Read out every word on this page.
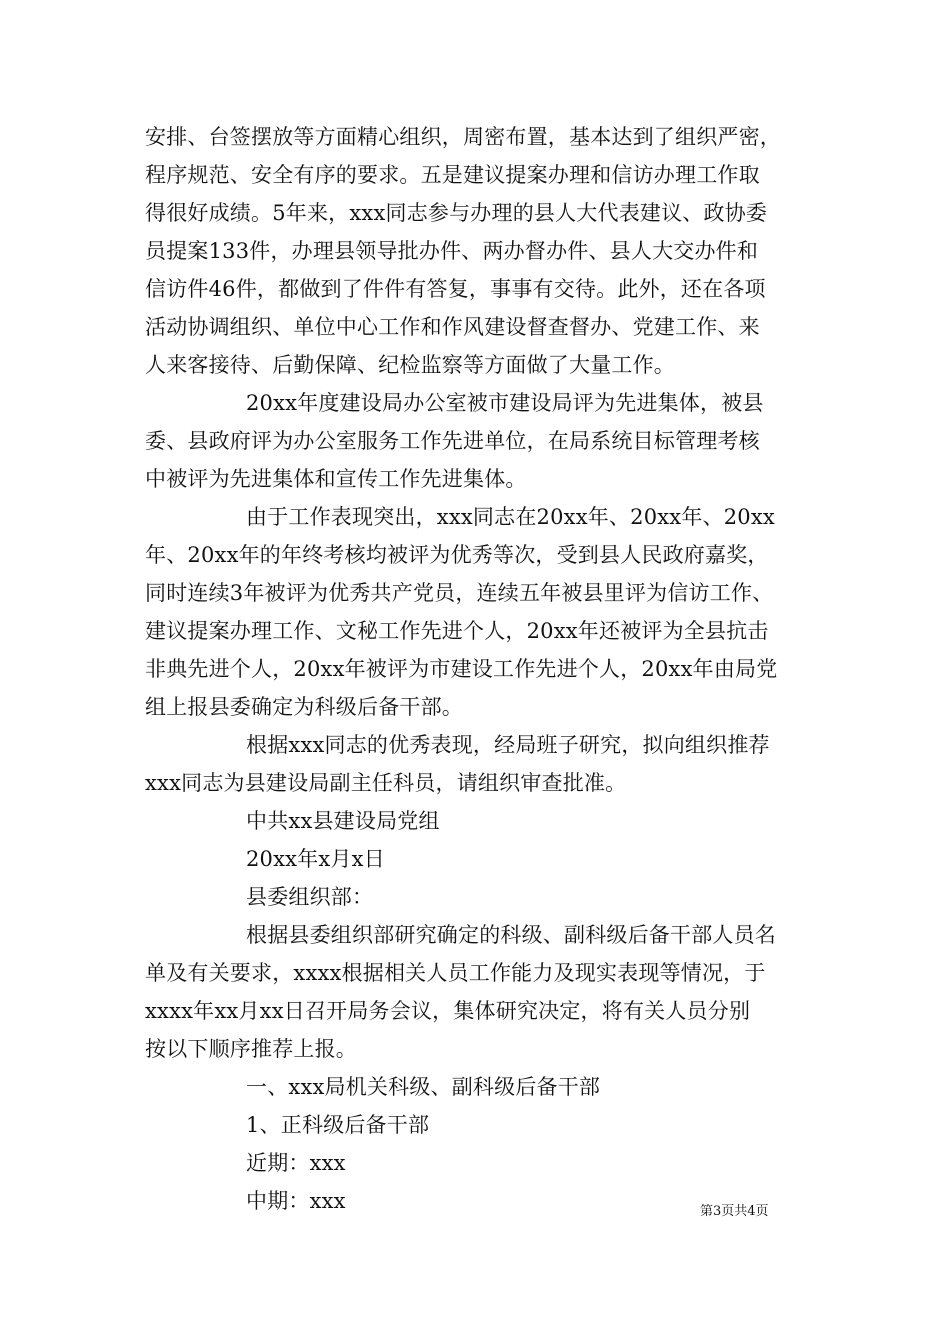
安排、台签摆放等方面精心组织，周密布置，基本达到了组织严密，
程序规范、安全有序的要求。五是建议提案办理和信访办理工作取
得很好成绩。5年来，xxx同志参与办理的县人大代表建议、政协委
员提案133件，办理县领导批办件、两办督办件、县人大交办件和
信访件46件，都做到了件件有答复，事事有交待。此外，还在各项
活动协调组织、单位中心工作和作风建设督查督办、党建工作、来
人来客接待、后勤保障、纪检监察等方面做了大量工作。
20xx年度建设局办公室被市建设局评为先进集体，被县
委、县政府评为办公室服务工作先进单位，在局系统目标管理考核
中被评为先进集体和宣传工作先进集体。
由于工作表现突出，xxx同志在20xx年、20xx年、20xx
年、20xx年的年终考核均被评为优秀等次，受到县人民政府嘉奖，
同时连续3年被评为优秀共产党员，连续五年被县里评为信访工作、
建议提案办理工作、文秘工作先进个人，20xx年还被评为全县抗击
非典先进个人，20xx年被评为市建设工作先进个人，20xx年由局党
组上报县委确定为科级后备干部。
根据xxx同志的优秀表现，经局班子研究，拟向组织推荐
xxx同志为县建设局副主任科员，请组织审查批准。
中共xx县建设局党组
20xx年x月x日
县委组织部：
根据县委组织部研究确定的科级、副科级后备干部人员名
单及有关要求，xxxx根据相关人员工作能力及现实表现等情况，于
xxxx年xx月xx日召开局务会议，集体研究决定，将有关人员分别
按以下顺序推荐上报。
一、xxx局机关科级、副科级后备干部
1、正科级后备干部
近期：xxx
中期：xxx	第3页共4页
